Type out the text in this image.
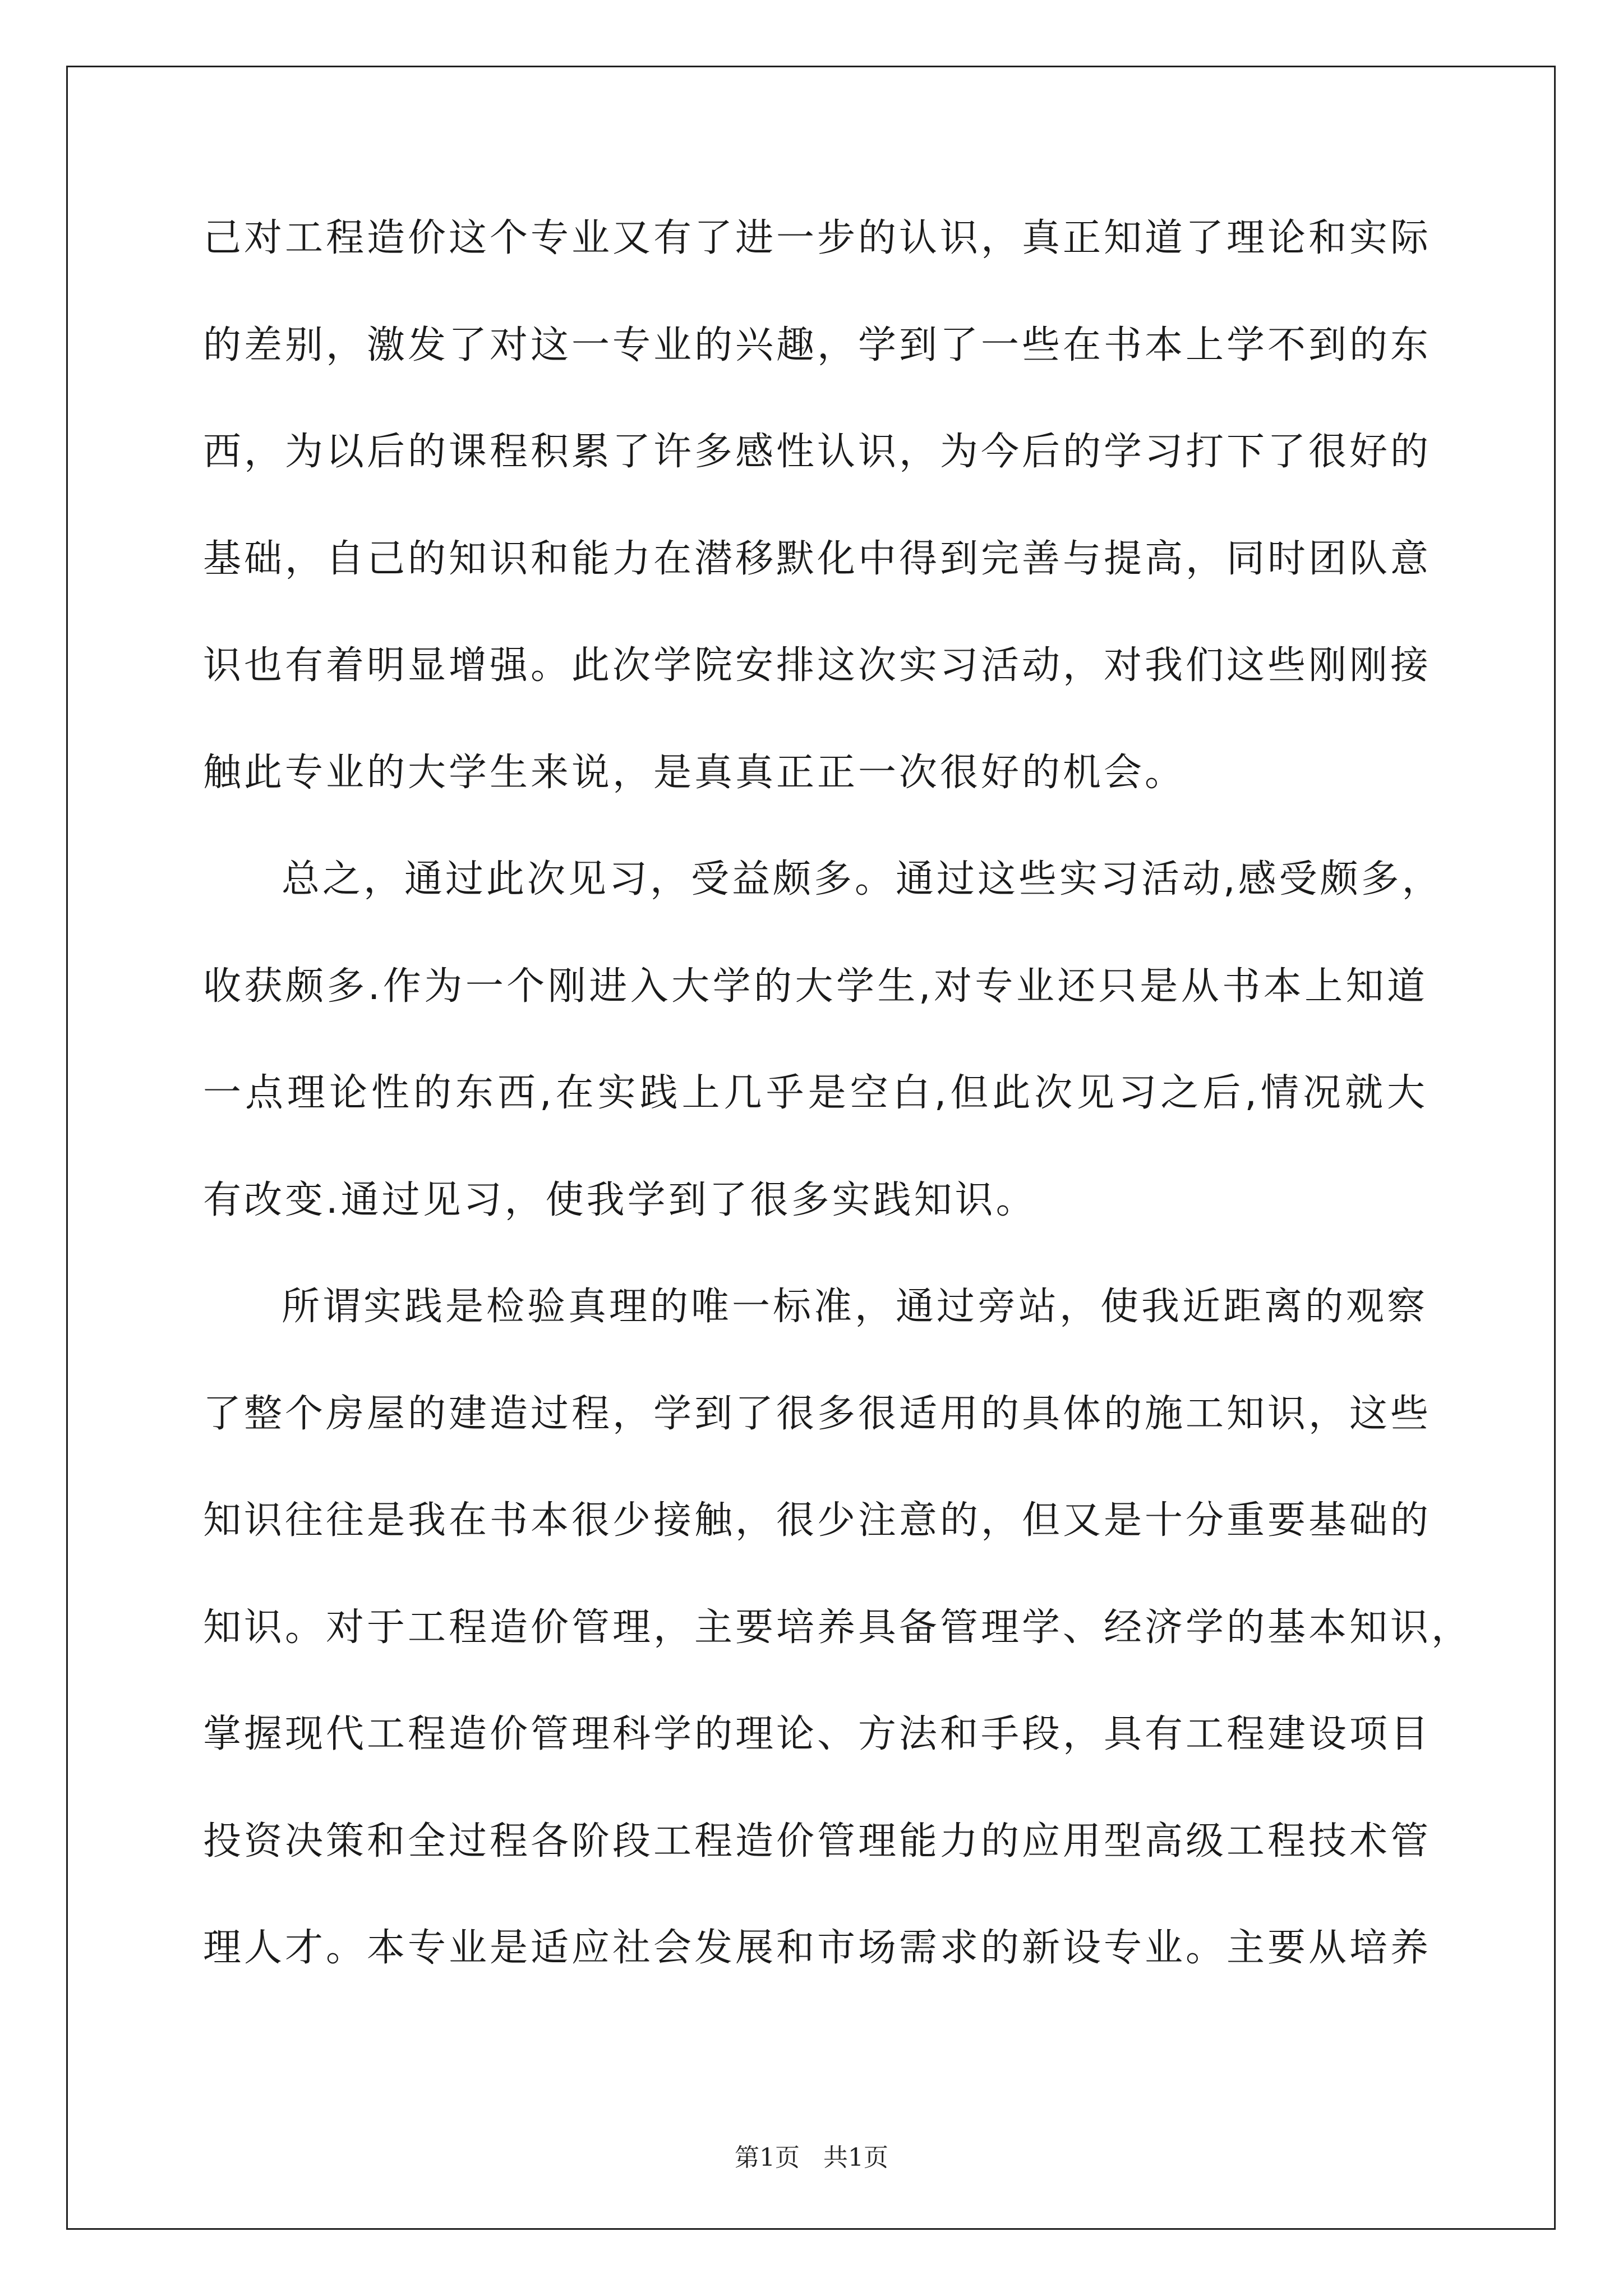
己对工程造价这个专业又有了进一步的认识，真正知道了理论和实际
的差别，激发了对这一专业的兴趣，学到了一些在书本上学不到的东
西，为以后的课程积累了许多感性认识，为今后的学习打下了很好的
基础，自己的知识和能力在潜移默化中得到完善与提高，同时团队意
识也有着明显增强。此次学院安排这次实习活动，对我们这些刚刚接
触此专业的大学生来说，是真真正正一次很好的机会。
总之，通过此次见习，受益颇多。通过这些实习活动,感受颇多，
收获颇多.作为一个刚进入大学的大学生,对专业还只是从书本上知道
一点理论性的东西,在实践上几乎是空白,但此次见习之后,情况就大
有改变.通过见习，使我学到了很多实践知识。
所谓实践是检验真理的唯一标准，通过旁站，使我近距离的观察
了整个房屋的建造过程，学到了很多很适用的具体的施工知识，这些
知识往往是我在书本很少接触，很少注意的，但又是十分重要基础的
知识。对于工程造价管理，主要培养具备管理学、经济学的基本知识，
掌握现代工程造价管理科学的理论、方法和手段，具有工程建设项目
投资决策和全过程各阶段工程造价管理能力的应用型高级工程技术管
理人才。本专业是适应社会发展和市场需求的新设专业。主要从培养
第1页 共1页
